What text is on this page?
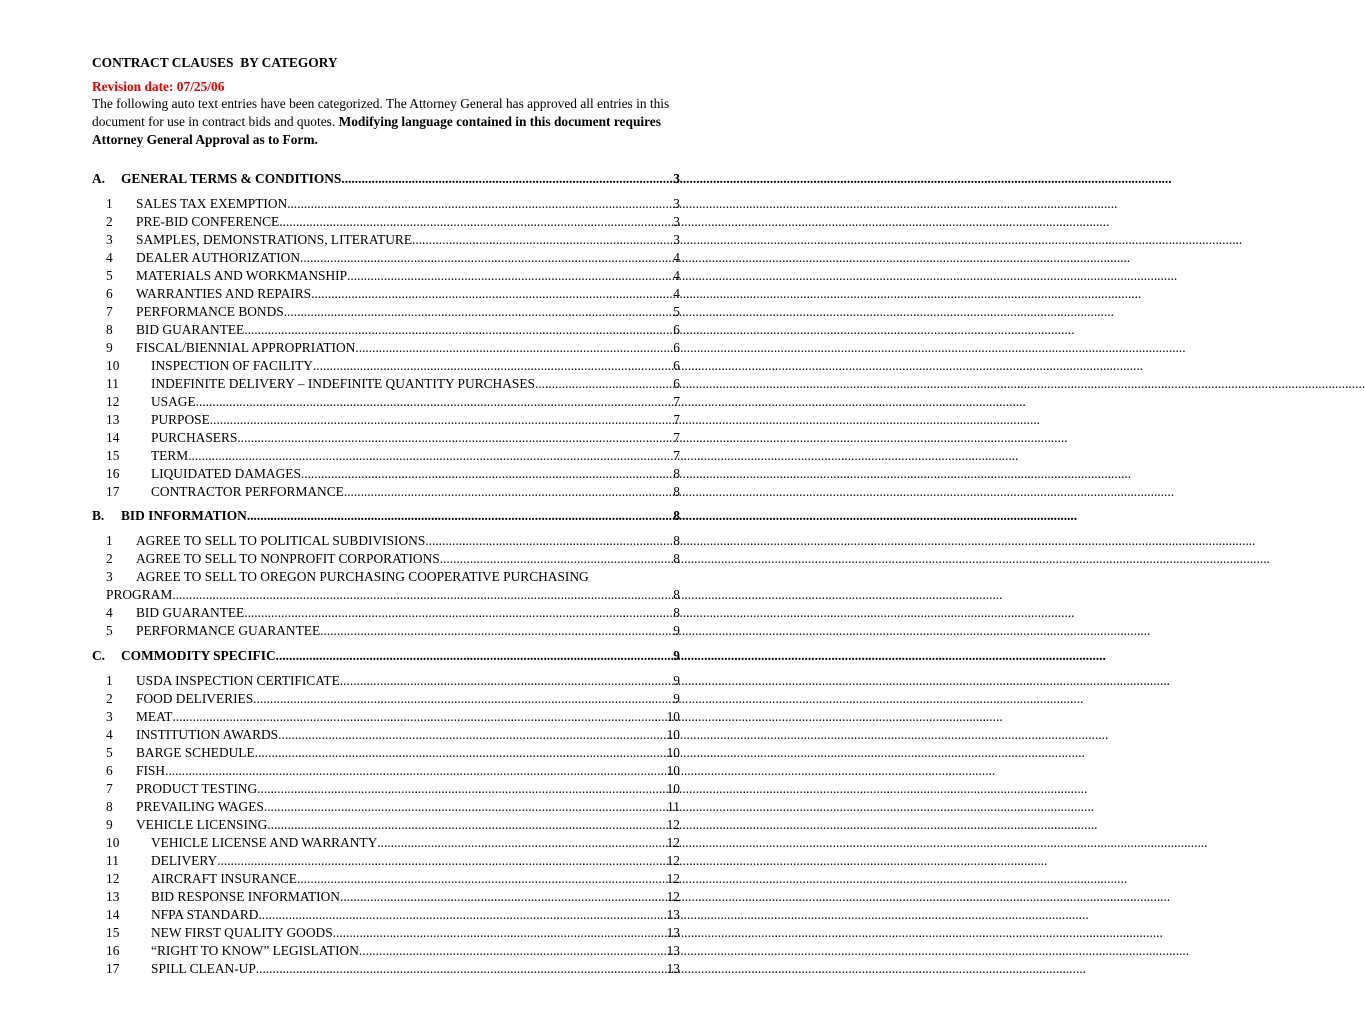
CONTRACT CLAUSES  BY CATEGORY
Revision date: 07/25/06
The following auto text entries have been categorized. The Attorney General has approved all entries in this document for use in contract bids and quotes. Modifying language contained in this document requires Attorney General Approval as to Form.
A.	GENERAL TERMS & CONDITIONS .....	3
1	SALES TAX EXEMPTION .....	3
2	PRE-BID CONFERENCE .....	3
3	SAMPLES, DEMONSTRATIONS, LITERATURE .....	3
4	DEALER AUTHORIZATION .....	4
5	MATERIALS AND WORKMANSHIP .....	4
6	WARRANTIES AND REPAIRS .....	4
7	PERFORMANCE BONDS .....	5
8	BID GUARANTEE .....	6
9	FISCAL/BIENNIAL APPROPRIATION .....	6
10	INSPECTION OF FACILITY .....	6
11	INDEFINITE DELIVERY – INDEFINITE QUANTITY PURCHASES .....	6
12	USAGE .....	7
13	PURPOSE .....	7
14	PURCHASERS .....	7
15	TERM .....	7
16	LIQUIDATED DAMAGES .....	8
17	CONTRACTOR PERFORMANCE .....	8
B.	BID INFORMATION .....	8
1	AGREE TO SELL TO POLITICAL SUBDIVISIONS .....	8
2	AGREE TO SELL TO NONPROFIT CORPORATIONS .....	8
3	AGREE TO SELL TO OREGON PURCHASING COOPERATIVE PURCHASING
PROGRAM .....	8
4	BID GUARANTEE .....	8
5	PERFORMANCE GUARANTEE .....	9
C.	COMMODITY SPECIFIC .....	9
1	USDA INSPECTION CERTIFICATE .....	9
2	FOOD DELIVERIES .....	9
3	MEAT .....	10
4	INSTITUTION AWARDS .....	10
5	BARGE SCHEDULE .....	10
6	FISH .....	10
7	PRODUCT TESTING .....	10
8	PREVAILING WAGES .....	11
9	VEHICLE LICENSING .....	12
10	VEHICLE LICENSE AND WARRANTY .....	12
11	DELIVERY .....	12
12	AIRCRAFT INSURANCE .....	12
13	BID RESPONSE INFORMATION .....	12
14	NFPA STANDARD .....	13
15	NEW FIRST QUALITY GOODS .....	13
16	“RIGHT TO KNOW” LEGISLATION .....	13
17	SPILL CLEAN-UP .....	13
